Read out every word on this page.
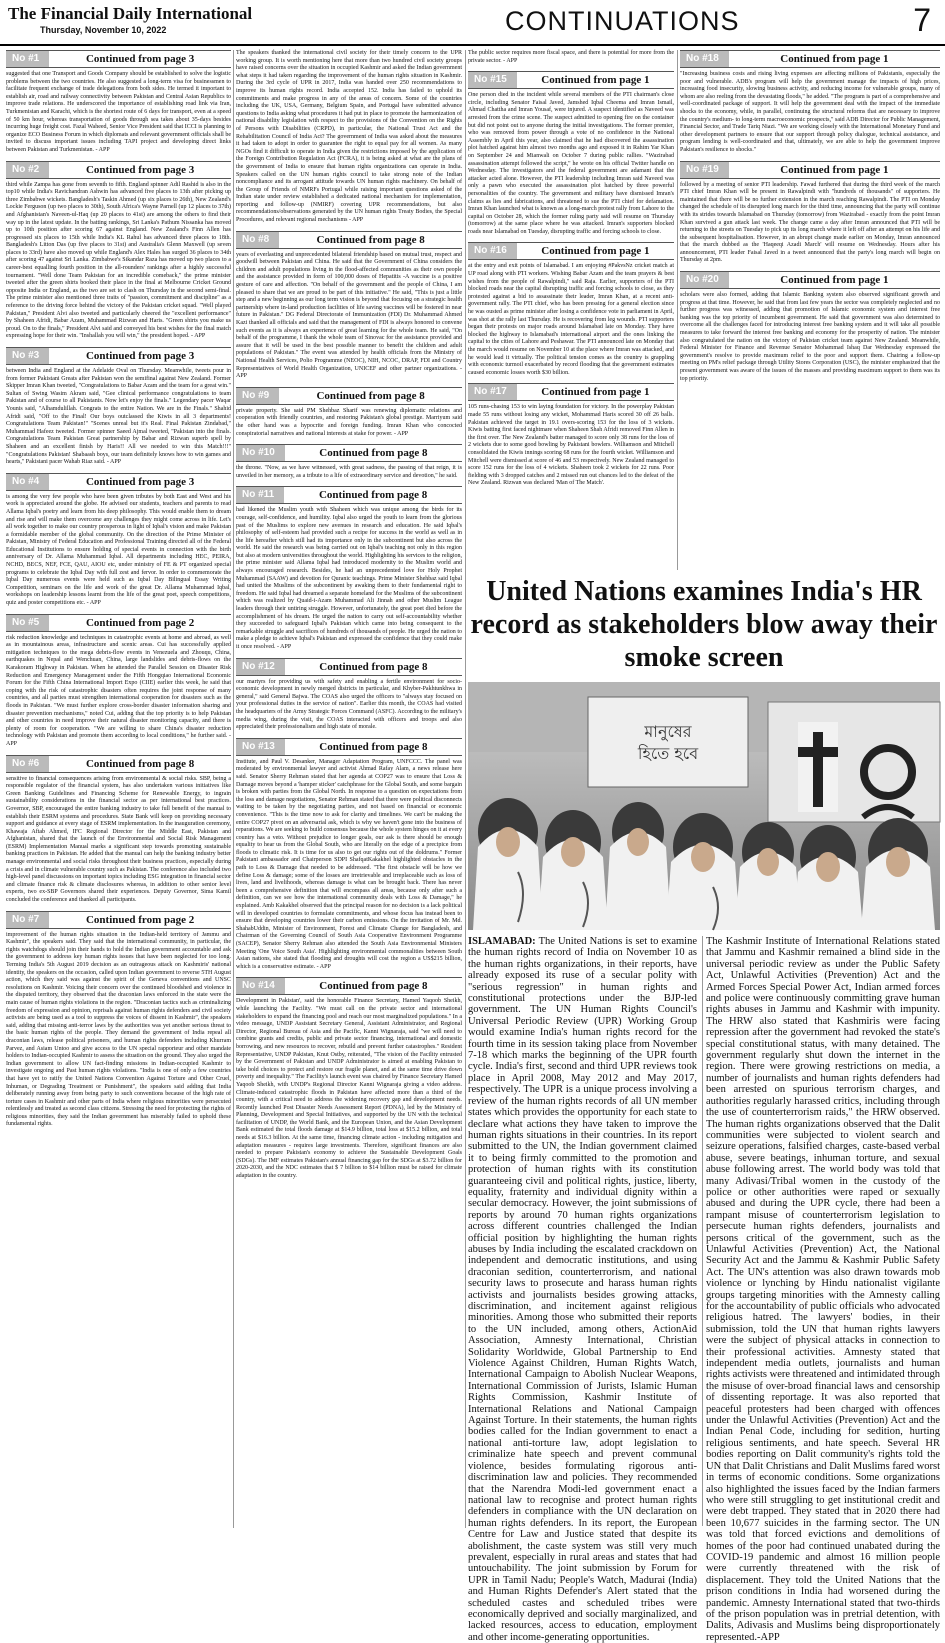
The Financial Daily International
Thursday, November 10, 2022	CONTINUATIONS	7
No #1	Continued from page 3

suggested that one Transport and Goods Company should be established to solve the logistic problems between the two countries. He also suggested a long-term visa for businessmen to facilitate frequent exchange of trade delegations from both sides. He termed it important to establish air, road and railway connectivity between Pakistan and Central Asian Republics to improve trade relations. He underscored the importance of establishing road link via Iran, Turkmenistan and Karachi, which is the shortest route of 6 days for transport, even at a speed of 50 km hour, whereas transportation of goods through sea takes about 35-days besides incurring huge freight cost. Fazal Waheed, Senior Vice President said that ICCI is planning to organize ECO Business Forum in which diplomats and relevant government officials shall be invited to discuss important issues including TAPI project and developing direct links between Pakistan and Turkmenistan. - APP

No #2	Continued from page 3

third while Zampa has gone from seventh to fifth. England spinner Adil Rashid is also in the top10 while India's Ravichandran Ashwin has advanced five places to 13th after picking up three Zimbabwe wickets. Bangladesh's Taskin Ahmed (up six places to 26th), New Zealand's Lockie Ferguson (up two places to 30th), South Africa's Wayne Parnell (up 12 places to 37th) and Afghanistan's Naveen-ul-Haq (up 20 places to 41st) are among the others to find their way up in the latest update. In the batting rankings, Sri Lanka's Pathum Nissanka has moved up to 10th position after scoring 67 against England. New Zealand's Finn Allen has progressed six places to 15th while India's KL Rahul has advanced three places to 18th. Bangladesh's Litton Das (up five places to 31st) and Australia's Glenn Maxwell (up seven places to 33rd) have also moved up while England's Alex Hales has surged 36 places to 34th after scoring 47 against Sri Lanka. Zimbabwe's Sikandar Raza has moved up two places to a career-best equalling fourth position in the all-rounders' rankings after a highly successful tournament. "Well done Team Pakistan for an incredible comeback," the prime minister tweeted after the green shirts booked their place in the final at Melbourne Cricket Ground opposite India or England, as the two are set to clash on Thursday in the second semi-final. The prime minister also mentioned three traits of "passion, commitment and discipline" as a reference to the driving force behind the victory of the Pakistan cricket squad. "Well played Pakistan," President Alvi also tweeted and particularly cheered the "excellent performance" by Shaheen Afridi, Babar Azam, Muhammad Rizwan and Haris. "Green shirts you make us proud. On to the finals," President Alvi said and conveyed his best wishes for the final match expressing hope for their win. "Inshallah you will win," the president hoped. - APP

No #3	Continued from page 3

between India and England at the Adelaide Oval on Thursday. Meanwhile, tweets pour in from former Pakistani Greats after Pakistan won the semifinal against New Zealand. Former Skipper Imran Khan tweeted, "Congratulations to Babar Azam and the team for a great win." Sultan of Swing Wasim Akram said, "Gee clinical performance congratulations to team Pakistan and of course to all Pakistanis. Now let's enjoy the finals." Legendary pacer Waqar Younis said, "Alhamdulillah. Congrats to the entire Nation. We are in the Finals." Shahid Afridi said, "Off to the Final! Our boys outclassed the Kiwis in all 3 departments! Congratulations Team Pakistan!" "Scenes unreal but it's Real. Final Pakistan Zindabad," Muhammad Hafeez tweeted. Former spinner Saeed Ajmal tweeted, "Pakistan into the finals. Congratulations Team Pakistan Great partnership by Babar and Rizwan superb spell by Shaheen and an excellent finish by Haris!! All we needed to win this Match!!!" "Congratulations Pakistan! Shabaash boys, our team definitely knows how to win games and hearts," Pakistani pacer Wahab Riaz said. - APP

No #4	Continued from page 3

is among the very few people who have been given tributes by both East and West and his work is appreciated around the globe. He advised our students, teachers and parents to read Allama Iqbal's poetry and learn from his deep philosophy. This would enable them to dream and rise and will make them overcome any challenges they might come across in life. Let's all work together to make our country prosperous in light of Iqbal's vision and make Pakistan a formidable member of the global community. On the direction of the Prime Minister of Pakistan, Ministry of Federal Education and Professional Training directed all of the Federal Educational Institutions to ensure holding of special events in connection with the birth anniversary of Dr. Allama Muhammad Iqbal. All departments including HEC, PEIRA, NCHD, BECS, NEF, FCE, QAU, AIOU etc, under ministry of FE & PT organized special programs to celebrate the Iqbal Day with full zest and fervor. In order to commemorate the Iqbal Day numerous events were held such as Iqbal Day Bilingual Essay Writing Competition, seminars on the life and work of the great Dr. Allama Muhammad Iqbal, workshops on leadership lessons learnt from the life of the great poet, speech competitions, quiz and poster competitions etc. - APP

No #5	Continued from page 2

risk reduction knowledge and techniques in catastrophic events at home and abroad, as well as in mountainous areas, infrastructure and scenic areas. Cui has successfully applied mitigation techniques to the mega debris-flow events in Venezuela and Zhouqu, China, earthquakes in Nepal and Wenchuan, China, large landslides and debris-flows on the Karakoram Highway in Pakistan. When he attended the Parallel Session on Disaster Risk Reduction and Emergency Management under the Fifth Hongqiao International Economic Forum for the Fifth China International Import Expo (CIIE) earlier this week, he said that coping with the risk of catastrophic disasters often requires the joint response of many countries, and all parties must strengthen international cooperation for disasters such as the floods in Pakistan. "We must further explore cross-border disaster information sharing and disaster prevention mechanisms," noted Cui, adding that the top priority is to help Pakistan and other countries in need improve their natural disaster monitoring capacity, and there is plenty of room for cooperation. "We are willing to share China's disaster reduction technology with Pakistan and promote them according to local conditions," he further said. - APP

No #6	Continued from page 8

sensitive to financial consequences arising from environmental & social risks. SBP, being a responsible regulator of the financial system, has also undertaken various initiatives like Green Banking Guidelines and Financing Scheme for Renewable Energy, to ingrain sustainability considerations in the financial sector as per international best practices. Governor, SBP, encouraged the entire banking industry to take full benefit of the manual to establish their ESRM systems and procedures. State Bank will keep on providing necessary support and guidance at every stage of ESRM implementation. In the inauguration ceremony, Khawaja Aftab Ahmed, IFC Regional Director for the Middle East, Pakistan and Afghanistan, shared that the launch of the Environmental and Social Risk Management (ESRM) Implementation Manual marks a significant step towards promoting sustainable banking practices in Pakistan. He added that the manual can help the banking industry better manage environmental and social risks throughout their business practices, especially during a crisis and in climate vulnerable country such as Pakistan. The conference also included two high-level panel discussions on important topics including ESG integration in financial sector and climate finance risk & climate disclosures whereas, in addition to other senior level experts, two ex-SBP Governors shared their experiences. Deputy Governor, Sima Kamil concluded the conference and thanked all participants.

No #7	Continued from page 2

improvement of the human rights situation in the Indian-held territory of Jammu and Kashmir", the speakers said. They said that the international community, in particular, the rights watchdogs should join their hands to hold the Indian government accountable and ask the government to address key human rights issues that have been neglected for too long. Terming India's 5th August 2019 decision as an outrageous attack on Kashmiris' national identity, the speakers on the occasion, called upon Indian government to reverse 5TH August action, which they said was against the spirit of the Geneva conventions and UNSC resolutions on Kashmir. Voicing their concern over the continued bloodshed and violence in the disputed territory, they observed that the draconian laws enforced in the state were the main cause of human rights violations in the region. "Draconian tactics such as criminalizing freedom of expression and opinion, reprisals against human rights defenders and civil society activists are being used as a tool to suppress the voices of dissent in Kashmir", the speakers said, adding that missing anti-terror laws by the authorities was yet another serious threat to the basic human rights of the people. They demand the government of India repeal all draconian laws, release political prisoners, and human rights defenders including Khurram Parvez, and Asiam Untoo and give access to the UN special rapporteur and other mandate holders to Indian-occupied Kashmir to assess the situation on the ground. They also urged the Indian government to allow UN fact-finding missions in Indian-occupied Kashmir to investigate ongoing and Past human rights violations. "India is one of only a few countries that have yet to ratify the United Nations Convention Against Torture and Other Cruel, Inhuman, or Degrading Treatment or Punishment", the speakers said adding that India deliberately running away from being party to such conventions because of the high rate of torture cases in Kashmir and other parts of India where religious minorities were persecuted relentlessly and treated as second class citizens. Stressing the need for protecting the rights of religious minorities, they said the Indian government has miserably failed to uphold these fundamental rights.

The speakers thanked the international civil society for their timely concern to the UPR working group. It is worth mentioning here that more than two hundred civil society groups have raised concerns over the situation in occupied Kashmir and asked the Indian government what steps it had taken regarding the improvement of the human rights situation in Kashmir. During the 3rd cycle of UPR in 2017, India was handed over 250 recommendations to improve its human rights record. India accepted 152. India has failed to uphold its commitments and make progress in any of the areas of concern. Some of the countries including the UK, USA, Germany, Belgium Spain, and Portugal have submitted advance questions to India asking what procedures it had put in place to promote the harmonization of national disability legislation with respect to the provisions of the Convention on the Rights of Persons with Disabilities (CRPD), in particular, the National Trust Act and the Rehabilitation Council of India Act? The government of India was asked about the measures it had taken to adopt in order to guarantee the right to equal pay for all women. As many NGOs find it difficult to operate in India given the restrictions imposed by the application of the Foreign Contribution Regulation Act (FCRA), it is being asked at what are the plans of the government of India to ensure that human rights organizations can operate in India. Speakers called on the UN human rights council to take strong note of the Indian noncompliance and its arrogant attitude towards UN human rights machinery. On behalf of the Group of Friends of NMRFs Portugal while raising important questions asked of the Indian state under review established a dedicated national mechanism for implementation, reporting and follow-up (NMIRF) covering UPR recommendations, but also recommendations/observations generated by the UN human rights Treaty Bodies, the Special Procedures, and relevant regional mechanisms - APP

No #8	Continued from page 8

years of everlasting and unprecedented bilateral friendship based on mutual trust, respect and goodwill between Pakistan and China. He said that the Government of China considers the children and adult populations living in the flood-affected communities as their own people and the assistance provided in form of 100,000 doses of Hepatitis -A vaccine is a positive gesture of care and affection. "On behalf of the government and the people of China, I am pleased to share that we are proud to be part of this initiative." He said, "This is just a little step and a new beginning as our long term vision is beyond that focusing on a strategic health partnership where in-land production facilities of life saving vaccines will be fostered in near future in Pakistan." DG Federal Directorate of Immunization (FDI) Dr. Muhammad Ahmed Kazi thanked all officials and said that the management of FDI is always honored to convene such events as it is always an experience of great learning for the whole team. He said, "On behalf of the programme, I thank the whole team of Sinovac for the assistance provided and assure that it will be used in the best possible manner to benefit the children and adult populations of Pakistan." The event was attended by health officials from the Ministry of National Health Services, Polio Programme (NEOC), NIH, NCOC, DRAP, FDI and Country Representatives of World Health Organization, UNICEF and other partner organizations. - APP

No #9	Continued from page 8

private property. She said PM Shehbaz Sharif was renewing diplomatic relations and cooperation with friendly countries, and restoring Pakistan's global prestige. Marriyum said the other hand was a hypocrite and foreign funding. Imran Khan who concocted conspiratorial narratives and national interests at stake for power. - APP

No #10	Continued from page 8

the throne. "Now, as we have witnessed, with great sadness, the passing of that reign, it is unveiled in her memory, as a tribute to a life of extraordinary service and devotion," he said.

No #11	Continued from page 8

had likened the Muslim youth with Shaheen which was unique among the birds for its courage, self-confidence, and humility. Iqbal also urged the youth to learn from the glorious past of the Muslims to explore new avenues in research and education. He said Iqbal's philosophy of self-esteem had provided such a recipe for success in the world as well as in the life hereafter which still had its importance only in the subcontinent but also across the world. He said the research was being carried out on Iqbal's teaching not only in this region but also at modern universities throughout the world. Highlighting his services to the religion, the prime minister said Allama Iqbal had introduced modernity to the Muslim world and always encouraged research. Besides, he had an unprecedented love for Holy Prophet Muhammad (SAAW) and devotion for Quranic teachings. Prime Minister Shehbaz said Iqbal had united the Muslims of the subcontinent by awaking them to their fundamental right to freedom. He said Iqbal had dreamed a separate homeland for the Muslims of the subcontinent which was realized by Quaid-i-Azam Muhammad Ali Jinnah and other Muslim League leaders through their untiring struggle. However, unfortunately, the great poet died before the accomplishment of his dream. He urged the nation to carry out self-accountability whether they succeeded to safeguard Iqbal's Pakistan which came into being consequent to the remarkable struggle and sacrifices of hundreds of thousands of people. He urged the nation to make a pledge to achieve Iqbal's Pakistan and expressed the confidence that they could make it once resolved. - APP

No #12	Continued from page 8

our martyrs for providing us with safety and enabling a fertile environment for socio-economic development in newly merged districts in particular, and Khyber-Pakhtunkhwa in general," said General Bajwa. The COAS also urged the officers to "always stay focused on your professional duties in the service of nation". Earlier this month, the COAS had visited the headquarters of the Army Strategic Forces Command (ASFC). According to the military's media wing, during the visit, the COAS interacted with officers and troops and also appreciated their professionalism and high state of morale.

No #13	Continued from page 8

Institute, and Paul V. Desanker, Manager Adaptation Program, UNFCCC. The panel was moderated by environmental lawyer and activist Ahmad Rafay Alam, a news release here said. Senator Sherry Rehman stated that her agenda at COP27 was to ensure that Loss & Damage moves beyond a 'hamper sticker' catchphrase for the Global South, and some bargain is broken with parties from the Global North. In response to a question on expectations from the loss and damage negotiations, Senator Rehman stated that there were political disconnects waiting to be taken by the negotiating parties, and not based on financial or economic convenience. "This is the time now to ask for clarity and timelines. We can't be making the entire COP27 pivot on an adversarial ask, which is why we haven't gone into the business of reparations. We are seeking to build consensus because the whole system hinges on it at every country has a veto. Without prejudice to longer goals, our ask is there should be enough equality to hear us from the Global South, who are literally on the edge of a precipice from floods to climatic risk. It is time for us also to get our rights out of the doldrums." Former Pakistani ambassador and Chairperson SDPI ShafqatKakakhel highlighted obstacles in the path to Loss & Damage that needed to be addressed. "The first obstacle will be how we define Loss & damage; some of the losses are irretrievable and irreplaceable such as loss of lives, land and livelihoods, whereas damage is what can be brought back. There has never been a comprehensive definition that will encompass all areas, because only after such a definition, can we see how the international community deals with Loss & Damage," he explained. Amb Kakakhel observed that the principal reason for no decision is a lack political will in developed countries to formulate commitments, and whose focus has instead been to ensure that developing countries lower their carbon emissions. On the invitation of Mr. Md. ShahabUddin, Minister of Environment, Forest and Climate Change for Bangladesh, and Chairman of the Governing Council of South Asia Cooperative Environment Programme (SACEP), Senator Sherry Rehman also attended the South Asia Environmental Ministers Meeting 'One Voice South Asia'. Highlighting environmental commonalities between South Asian nations, she stated that flooding and droughts will cost the region a US$215 billion, which is a conservative estimate. - APP

No #14	Continued from page 8

Development in Pakistan', said the honorable Finance Secretary, Hamed Yaqoob Sheikh, while launching the Facility. "We must call on the private sector and international stakeholders to expand the financing pool and reach our most marginalized populations." In a video message, UNDP Assistant Secretary General, Assistant Administrator, and Regional Director, Regional Bureau of Asia and the Pacific, Kanni Wignaraja, said "we will need to combine grants and credits, public and private sector financing, international and domestic borrowing, and new resources to recover, rebuild and prevent further catastrophes." Resident Representative, UNDP Pakistan, Knut Ostby, reiterated, "The vision of the Facility entrusted by the Government of Pakistan and UNDP Administrator is aimed at enabling Pakistan to take bold choices to protect and restore our fragile planet, and at the same time drive down poverty and inequality." The Facility's launch event was chaired by Finance Secretary Hamed Yaqoob Sheikh, with UNDP's Regional Director Kanni Wignaraja giving a video address. Climate-induced catastrophic floods in Pakistan have affected more than a third of the country, with a critical need to address the widening recovery gap and development needs. Recently launched Post Disaster Needs Assessment Report (PDNA), led by the Ministry of Planning, Development and Special Initiatives, and supported by the UN with the technical facilitation of UNDP, the World Bank, and the European Union, and the Asian Development Bank estimated the total floods damage at $14.9 billion, total loss at $15.2 billion, and total needs at $16.3 billion. At the same time, financing climate action - including mitigation and adaptation measures - requires large investments. Therefore, significant finances are also needed to prepare Pakistan's economy to achieve the Sustainable Development Goals (SDGs). The IMF estimates Pakistan's annual financing gap for the SDGs at $3.72 billion for 2020-2030, and the NDC estimates that $ 7 billion to $14 billion must be raised for climate adaptation in the country.

The public sector requires more fiscal space, and there is potential for more from the private sector. - APP

No #15	Continued from page 1

One person died in the incident while several members of the PTI chairman's close circle, including Senator Faisal Javed, Jamshed Iqbal Cheema and Imran Ismail, Ahmad Chattha and Imran Yousaf, were injured. A suspect identified as Naveed was arrested from the crime scene. The suspect admitted to opening fire on the container but did not point out to anyone during the initial investigations. The former premier, who was removed from power through a vote of no confidence in the National Assembly in April this year, also claimed that he had discovered the assassination plot hatched against him almost two months ago and exposed it in Rahim Yar Khan on September 24 and Mianwali on October 7 during public rallies. "Wazirabad assassination attempt followed the script," he wrote on his official Twitter handle on Wednesday. The investigators and the federal government are adamant that the attacker acted alone. However, the PTI leadership including Imran said Naveed was only a pawn who executed the assassination plot hatched by three powerful personalities of the country. The government and military have dismissed Imran's claims as lies and fabrications, and threatened to sue the PTI chief for defamation. Imran Khan launched what is known as a long-march protest rally from Lahore to the capital on October 28, which the former ruling party said will resume on Thursday (tomorrow) at the same place where he was attacked. Imran's supporters blocked roads near Islamabad on Tuesday, disrupting traffic and forcing schools to close.

No #16	Continued from page 1

at the entry and exit points of Islamabad. I am enjoying #PakvsNz cricket match at UP road along with PTI workers. Wishing Babar Azam and the team prayers & best wishes from the people of Rawalpindi," said Raja. Earlier, supporters of the PTI blocked roads near the capital disrupting traffic and forcing schools to close, as they protested against a bid to assassinate their leader, Imran Khan, at a recent anti-government rally. The PTI chief, who has been pressing for a general election since he was ousted as prime minister after losing a confidence vote in parliament in April, was shot at the rally last Thursday. He is recovering from leg wounds. PTI supporters began their protests on major roads around Islamabad late on Monday. They have blocked the highway to Islamabad's international airport and the ones linking the capital to the cities of Lahore and Peshawar. The PTI announced late on Monday that the march would resume on November 10 at the place where Imran was attacked, and he would lead it virtually. The political tension comes as the country is grappling with economic turmoil exacerbated by record flooding that the government estimates caused economic losses worth $30 billion.

No #17	Continued from page 1

105 runs-chasing 153 to win laying foundation for victory. In the powerplay Pakistan made 55 runs without losing any wicket, Mohammad Haris scored 30 off 26 balls. Pakistan achieved the target in 19.1 overs-scoring 153 for the loss of 3 wickets. Kiwis batting first faced nightmare when Shaheen Shah Afridi removed Finn Allen in the first over. The New Zealand's batter managed to score only 38 runs for the loss of 2 wickets due to some good bowling by Pakistani bowlers. Williamson and Mitchell consolidated the Kiwis innings scoring 68 runs for the fourth wicket. Williamson and Mitchell were dismissed at score of 46 and 53 respectively. New Zealand managed to score 152 runs for the loss of 4 wickets. Shaheen took 2 wickets for 22 runs. Poor fielding with 3 dropped catches and 2 missed run out chances led to the defeat of the New Zealand. Rizwan was declared 'Man of The Match'.

No #18	Continued from page 1

"Increasing business costs and rising living expenses are affecting millions of Pakistanis, especially the poor and vulnerable. ADB's program will help the government manage the impacts of high prices, increasing food insecurity, slowing business activity, and reducing income for vulnerable groups, many of whom are also reeling from the devastating floods," he added. "The program is part of a comprehensive and well-coordinated package of support. It will help the government deal with the impact of the immediate shocks to the economy, while, in parallel, continuing the structural reforms that are necessary to improve the country's medium- to long-term macroeconomic prospects," said ADB Director for Public Management, Financial Sector, and Trade Tariq Niazi. "We are working closely with the International Monetary Fund and other development partners to ensure that our support through policy dialogue, technical assistance, and program lending is well-coordinated and that, ultimately, we are able to help the government improve Pakistan's resilience to shocks."

No #19	Continued from page 1

followed by a meeting of senior PTI leadership. Fawad furthered that during the third week of the march PTI chief Imran Khan will be present in Rawalpindi with "hundreds of thousands" of supporters. He maintained that there will be no further extension in the march reaching Rawalpindi. The PTI on Monday changed the schedule of its disrupted long march for the third time, announcing that the party will continue with its strides towards Islamabad on Thursday (tomorrow) from Wazirabad - exactly from the point Imran Khan survived a gun attack last week. The change came a day after Imran announced that PTI will be returning to the streets on Tuesday to pick up its long march where it left off after an attempt on his life and the subsequent hospitalisation. However, in an abrupt change made earlier on Monday, Imran announced that the march dubbed as the 'Haqeeqi Azadi March' will resume on Wednesday. Hours after his announcement, PTI leader Faisal Javed in a tweet announced that the party's long march will begin on Thursday at 2pm.

No #20	Continued from page 1

scholars were also formed, adding that Islamic Banking system also observed significant growth and progress at that time. However, he said that from last few years the sector was completely neglected and no further progress was witnessed, adding that promotion of Islamic economic system and interest free banking was the top priority of incumbent government. He said that government was also determined to overcome all the challenges faced for introducing interest free banking system and it will take all possible measures to take forward the interest free banking and economy for the prosperity of nation. The minister also congratulated the nation on the victory of Pakistan cricket team against New Zealand. Meanwhile, Federal Minister for Finance and Revenue Senator Mohammad Ishaq Dar Wednesday expressed the government's resolve to provide maximum relief to the poor and support them. Chairing a follow-up meeting on PM's relief package through Utility Stores Corporation (USC), the minister emphasized that the present government was aware of the issues of the masses and providing maximum support to them was its top priority.

United Nations examines India's HR record as stakeholders blow away their smoke screen
মানুষের হিতে হবে
ISLAMABAD: The United Nations is set to examine the human rights record of India on November 10 as the human rights organizations, in their reports, have already exposed its ruse of a secular polity with "serious regression" in human rights and constitutional protections under the BJP-led government. The UN Human Rights Council's Universal Periodic Review (UPR) Working Group would examine India's human rights record for the fourth time in its session taking place from November 7-18 which marks the beginning of the UPR fourth cycle. India's first, second and third UPR reviews took place in April 2008, May 2012 and May 2017, respectively. The UPR is a unique process involving a review of the human rights records of all UN member states which provides the opportunity for each state to declare what actions they have taken to improve the human rights situations in their countries. In its report submitted to the UN, the Indian government claimed it to being firmly committed to the promotion and protection of human rights with its constitution guaranteeing civil and political rights, justice, liberty, equality, fraternity and individual dignity within a secular democracy. However, the joint submissions of reports by around 70 human rights organizations across different countries challenged the Indian official position by highlighting the human rights abuses by India including the escalated crackdown on independent and democratic institutions, and using draconian sedition, counterterrorism, and national security laws to prosecute and harass human rights activists and journalists besides growing attacks, discrimination, and incitement against religious minorities. Among those who submitted their reports to the UN included, among others, ActionAid Association, Amnesty International, Christian Solidarity Worldwide, Global Partnership to End Violence Against Children, Human Rights Watch, International Campaign to Abolish Nuclear Weapons, International Commission of Jurists, Islamic Human Rights Commission, Kashmir Institute of International Relations and National Campaign Against Torture. In their statements, the human rights bodies called for the Indian government to enact a national anti-torture law, adopt legislation to criminalize hate speech and prevent communal violence, besides formulating rigorous anti-discrimination law and policies. They recommended that the Narendra Modi-led government enact a national law to recognise and protect human rights defenders in compliance with the UN declaration on human rights defenders. In its report, the European Centre for Law and Justice stated that despite its abolishment, the caste system was still very much prevalent, especially in rural areas and states that had untouchability. The joint submission by Forum for UPR in Tamil Nadu; People's Watch, Madurai (India) and Human Rights Defender's Alert stated that the scheduled castes and scheduled tribes were economically deprived and socially marginalized, and lacked resources, access to education, employment and other income-generating opportunities.
The Kashmir Institute of International Relations stated that Jammu and Kashmir remained a blind side in the universal periodic review as under the Public Safety Act, Unlawful Activities (Prevention) Act and the Armed Forces Special Power Act, Indian armed forces and police were continuously committing grave human rights abuses in Jammu and Kashmir with impunity. The HRW also stated that Kashmiris were facing repression after the government had revoked the state's special constitutional status, with many detained. The government regularly shut down the internet in the region. There were growing restrictions on media, a number of journalists and human rights defenders had been arrested on spurious terrorism charges, and authorities regularly harassed critics, including through the use of counterterrorism raids," the HRW observed. The human rights organizations observed that the Dalit communities were subjected to violent search and seizure operations, falsified charges, caste-based verbal abuse, severe beatings, inhuman torture, and sexual abuse following arrest. The world body was told that many Adivasi/Tribal women in the custody of the police or other authorities were raped or sexually abused and during the UPR cycle, there had been a rampant misuse of counterterrorism legislation to persecute human rights defenders, journalists and persons critical of the government, such as the Unlawful Activities (Prevention) Act, the National Security Act and the Jammu & Kashmir Public Safety Act. The UN's attention was also drawn towards mob violence or lynching by Hindu nationalist vigilante groups targeting minorities with the Amnesty calling for the accountability of public officials who advocated religious hatred. The lawyers' bodies, in their submission, told the UN that human rights lawyers were the subject of physical attacks in connection to their professional activities. Amnesty stated that independent media outlets, journalists and human rights activists were threatened and intimidated through the misuse of over-broad financial laws and censorship of dissenting reportage. It was also reported that peaceful protesters had been charged with offences under the Unlawful Activities (Prevention) Act and the Indian Penal Code, including for sedition, hurting religious sentiments, and hate speech. Several HR bodies reporting on Dalit community's rights told the UN that Dalit Christians and Dalit Muslims fared worst in terms of economic conditions. Some organizations also highlighted the issues faced by the Indian farmers who were still struggling to get institutional credit and were debt trapped. They stated that in 2020 there had been 10,677 suicides in the farming sector. The UN was told that forced evictions and demolitions of homes of the poor had continued unabated during the COVID-19 pandemic and almost 16 million people were currently threatened with the risk of displacement. They told the United Nations that the prison conditions in India had worsened during the pandemic. Amnesty International stated that two-thirds of the prison population was in pretrial detention, with Dalits, Adivasis and Muslims being disproportionately represented.-APP
